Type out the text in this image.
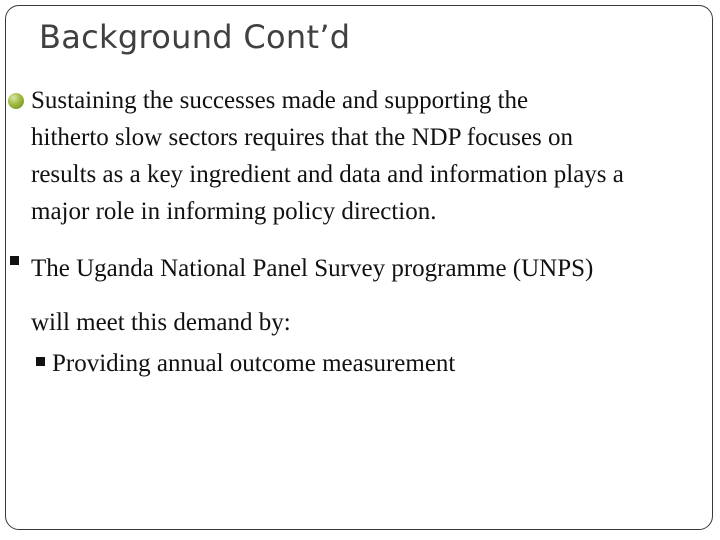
Background Cont’d
Sustaining the successes made and supporting the
hitherto slow sectors requires that the NDP focuses on
results as a key ingredient and data and information plays a
major role in informing policy direction.
The Uganda National Panel Survey programme (UNPS)
will meet this demand by:
Providing annual outcome measurement
